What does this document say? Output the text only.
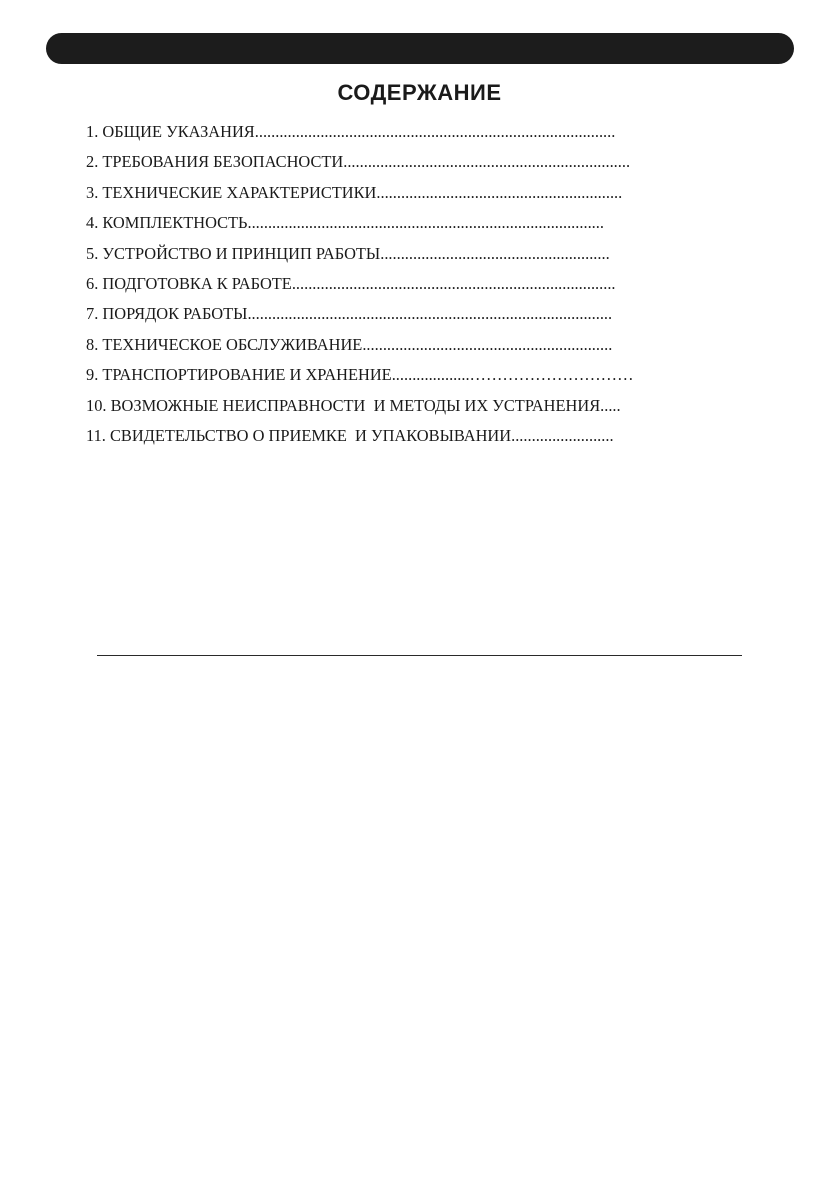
СОДЕРЖАНИЕ
1. ОБЩИЕ УКАЗАНИЯ........................................................................................
2. ТРЕБОВАНИЯ БЕЗОПАСНОСТИ......................................................................
3. ТЕХНИЧЕСКИЕ ХАРАКТЕРИСТИКИ............................................................
4. КОМПЛЕКТНОСТЬ.......................................................................................
5. УСТРОЙСТВО И ПРИНЦИП РАБОТЫ........................................................
6. ПОДГОТОВКА К РАБОТЕ...............................................................................
7. ПОРЯДОК РАБОТЫ.........................................................................................
8. ТЕХНИЧЕСКОЕ ОБСЛУЖИВАНИЕ.............................................................
9. ТРАНСПОРТИРОВАНИЕ И ХРАНЕНИЕ...................…………………………
10. ВОЗМОЖНЫЕ НЕИСПРАВНОСТИ  И МЕТОДЫ ИХ УСТРАНЕНИЯ.....
11. СВИДЕТЕЛЬСТВО О ПРИЕМКЕ  И УПАКОВЫВАНИИ.........................
